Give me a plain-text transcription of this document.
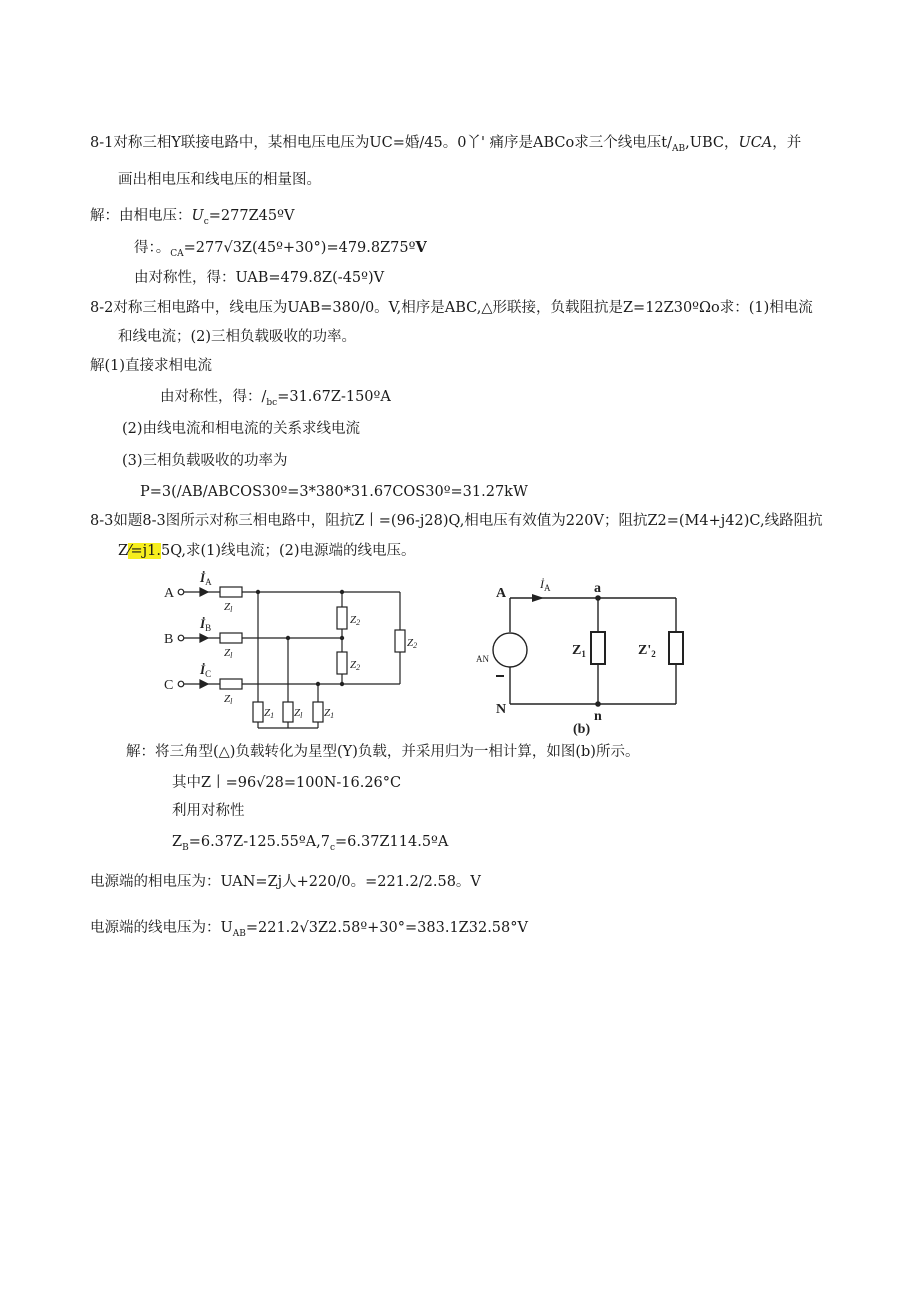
8-1对称三相Y联接电路中，某相电压电压为UC=婚/45。0丫' 痛序是ABCo求三个线电压$t/_{AB},UBC$，UCA，并
画出相电压和线电压的相量图。
解：由相电压：$U_c=277Z45ºV$
得：。$_{CA}$=277√3Z(45º+30°)=479.8Z75ºV
由对称性，得：UAB=479.8Z(-45º)V
8-2对称三相电路中，线电压为UAB=380/0。V,相序是ABC,△形联接，负载阻抗是Z=12Z30ºΩo求：(1)相电流
和线电流；(2)三相负载吸收的功率。
解(1)直接求相电流
由对称性，得：$/_{bc}=31.67Z-150ºA$
(2)由线电流和相电流的关系求线电流
(3)三相负载吸收的功率为
P=3(/AB/ABCOS30º=3*380*31.67COS30º=31.27kW
8-3如题8-3图所示对称三相电路中，阻抗Z丨=(96-j28)Q,相电压有效值为220V；阻抗Z2=(M4+j42)C,线路阻抗
Z⁄=j1.5Q,求(1)线电流；(2)电源端的线电压。
A
B
C
$İ_A$
$İ_B$
$İ_C$
Zl
Zl
Zl
Z2
Z2
Z2
Z1 Zl Z1
A
N
a
n
(b)
$Z_1$	$Z'_2$
AN
$İ_A$
解：将三角型(△)负载转化为星型(Y)负载，并采用归为一相计算，如图(b)所示。
其中Z丨=96√28=100N-16.26°C
利用对称性
$Z_B=6.37Z-125.55ºA,7_c=6.37Z114.5ºA$
电源端的相电压为：UAN=Zj人+220/0。=221.2/2.58。V
电源端的线电压为：$U_{AB}=221.2√3Z2.58º+30^\circ=383.1Z32.58^\circ V$
